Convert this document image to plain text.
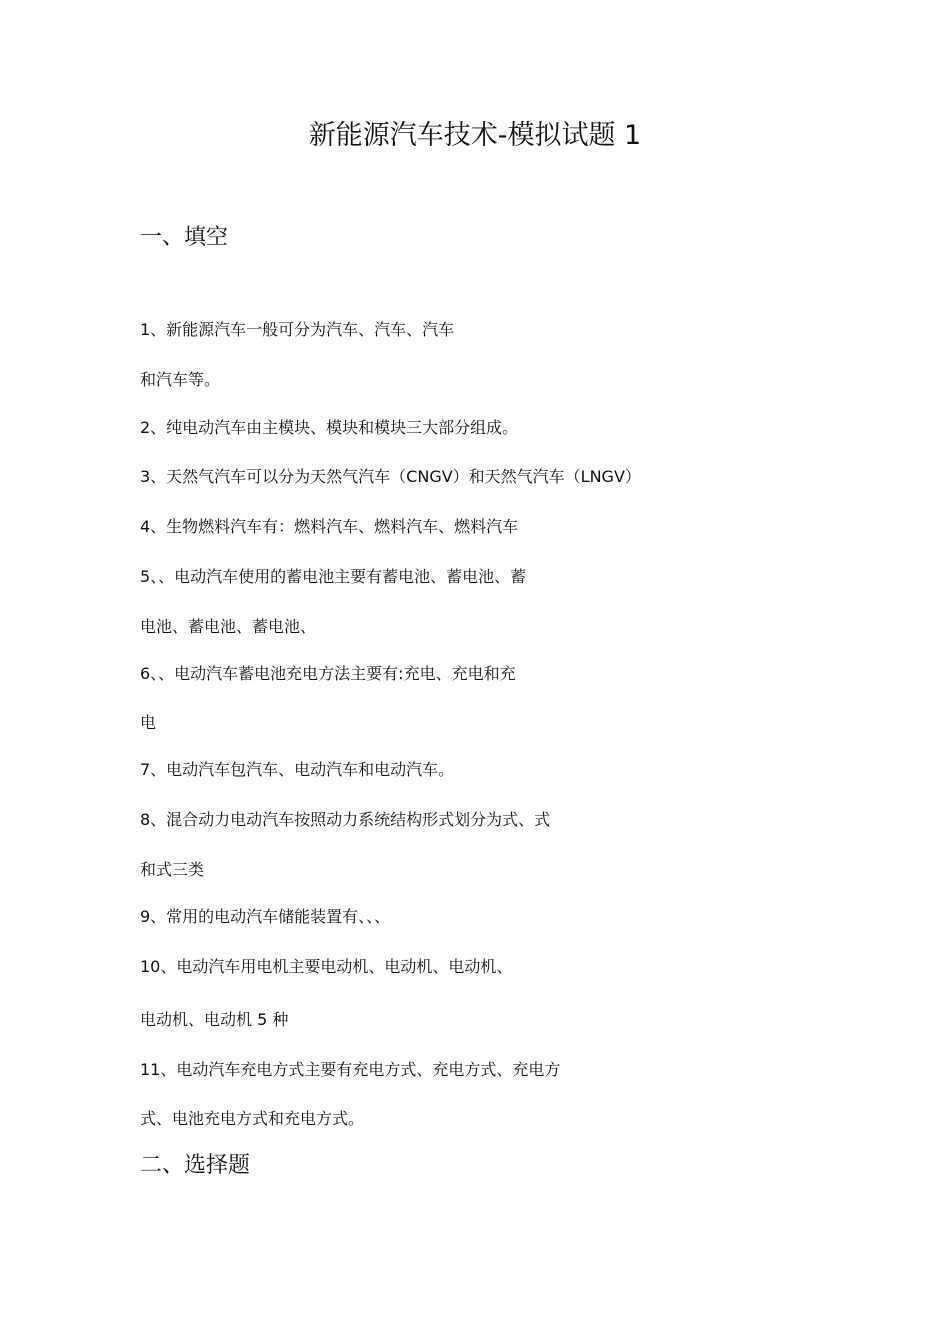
新能源汽车技术-模拟试题 1
一、填空
1、新能源汽车一般可分为汽车、汽车、汽车
和汽车等。
2、纯电动汽车由主模块、模块和模块三大部分组成。
3、天然气汽车可以分为天然气汽车（CNGV）和天然气汽车（LNGV）
4、生物燃料汽车有：燃料汽车、燃料汽车、燃料汽车
5、、电动汽车使用的蓄电池主要有蓄电池、蓄电池、蓄
电池、蓄电池、蓄电池、
6、、电动汽车蓄电池充电方法主要有:充电、充电和充
电
7、电动汽车包汽车、电动汽车和电动汽车。
8、混合动力电动汽车按照动力系统结构形式划分为式、式
和式三类
9、常用的电动汽车储能装置有、、、
10、电动汽车用电机主要电动机、电动机、电动机、
电动机、电动机 5 种
11、电动汽车充电方式主要有充电方式、充电方式、充电方
式、电池充电方式和充电方式。
二、选择题
